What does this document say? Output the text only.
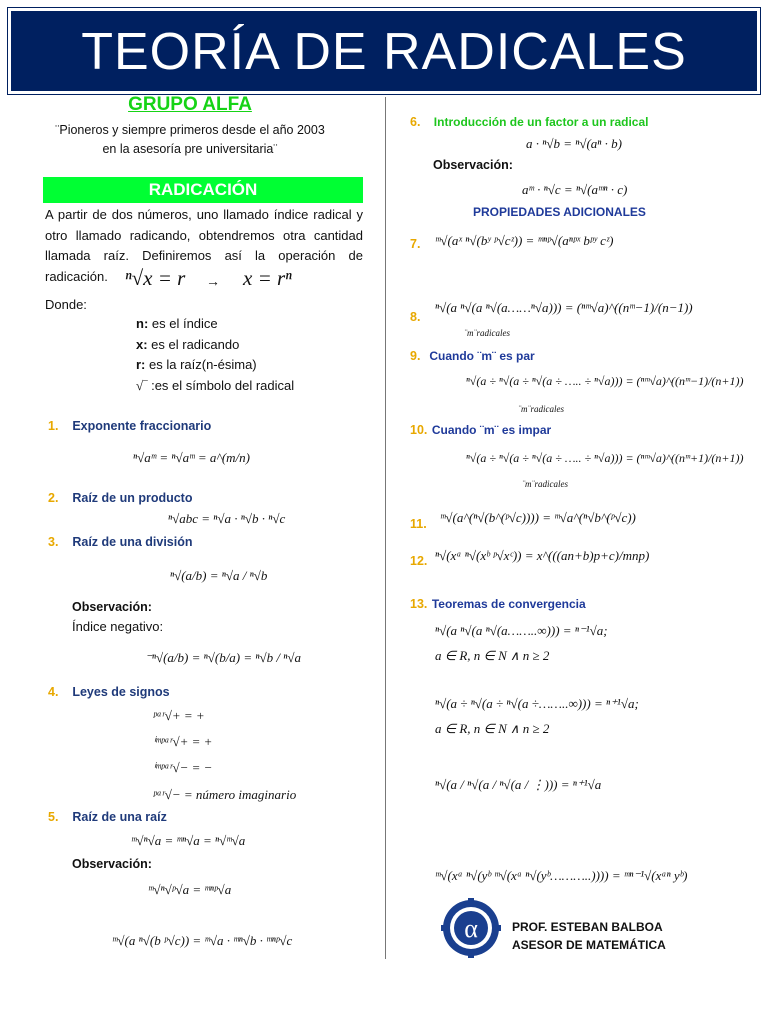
TEORÍA DE RADICALES
GRUPO ALFA
¨Pioneros y siempre primeros desde el año 2003
en la asesoría pre universitaria¨
RADICACIÓN
A partir de dos números, uno llamado índice radical y otro llamado radicando, obtendremos otra cantidad llamada raíz. Definiremos así la operación de radicación. ⁿ√x = r → x = rⁿ
Donde:
n: es el índice
x: es el radicando
r: es la raíz(n-ésima)
√‾ :es el símbolo del radical
1. Exponente fraccionario
ⁿ√aᵐ = ⁿ√aᵐ = a^(m/n)
2. Raíz de un producto
ⁿ√abc = ⁿ√a · ⁿ√b · ⁿ√c
3. Raíz de una división
ⁿ√(a/b) = ⁿ√a / ⁿ√b
Observación:
Índice negativo:
⁻ⁿ√(a/b) = ⁿ√(b/a) = ⁿ√b / ⁿ√a
4. Leyes de signos
ᵖᵃʳ√+ = +
ⁱᵐᵖᵃʳ√+ = +
ⁱᵐᵖᵃʳ√− = −
ᵖᵃʳ√− = número imaginario
5. Raíz de una raíz
ᵐ√ⁿ√a = ᵐⁿ√a = ⁿ√ᵐ√a
Observación:
ᵐ√ⁿ√ᵖ√a = ᵐⁿᵖ√a
ᵐ√(a ⁿ√(b ᵖ√c)) = ᵐ√a · ᵐⁿ√b · ᵐⁿᵖ√c
6. Introducción de un factor a un radical
a · ⁿ√b = ⁿ√(aⁿ · b)
Observación:
aᵐ · ⁿ√c = ⁿ√(aᵐⁿ · c)
PROPIEDADES ADICIONALES
7. ᵐ√(aˣ ⁿ√(bʸ ᵖ√cᶻ)) = ᵐⁿᵖ√(aⁿᵖˣ bᵖʸ cᶻ)
8.
ⁿ√(a ⁿ√(a ⁿ√(a……ⁿ√a))) = (ⁿᵐ√a)^((nᵐ−1)/(n−1))
¨m¨radicales
9. Cuando ¨m¨ es par
ⁿ√(a ÷ ⁿ√(a ÷ ⁿ√(a ÷ ….. ÷ ⁿ√a))) = (ⁿᵐ√a)^((nᵐ−1)/(n+1))
¨m¨radicales
10. Cuando ¨m¨ es impar
ⁿ√(a ÷ ⁿ√(a ÷ ⁿ√(a ÷ ….. ÷ ⁿ√a))) = (ⁿᵐ√a)^((nᵐ+1)/(n+1))
¨m¨radicales
11. ᵐ√(a^(ⁿ√(b^(ᵖ√c)))) = ᵐ√a^(ⁿ√b^(ᵖ√c))
12. ⁿ√(xᵃ ⁿ√(xᵇ ᵖ√xᶜ)) = x^(((an+b)p+c)/mnp)
13. Teoremas de convergencia
ⁿ√(a ⁿ√(a ⁿ√(a……..∞))) = ⁿ⁻¹√a;
a ∈ R, n ∈ N ∧ n ≥ 2
ⁿ√(a ÷ ⁿ√(a ÷ ⁿ√(a ÷……..∞))) = ⁿ⁺¹√a;
a ∈ R, n ∈ N ∧ n ≥ 2
ⁿ√(a / ⁿ√(a / ⁿ√(a / ⋮))) = ⁿ⁺¹√a
ᵐ√(xᵃ ⁿ√(yᵇ ᵐ√(xᵃ ⁿ√(yᵇ………..)))) = ᵐⁿ⁻¹√(xᵃⁿ yᵇ)
α	PROF. ESTEBAN BALBOA
ASESOR DE MATEMÁTICA
